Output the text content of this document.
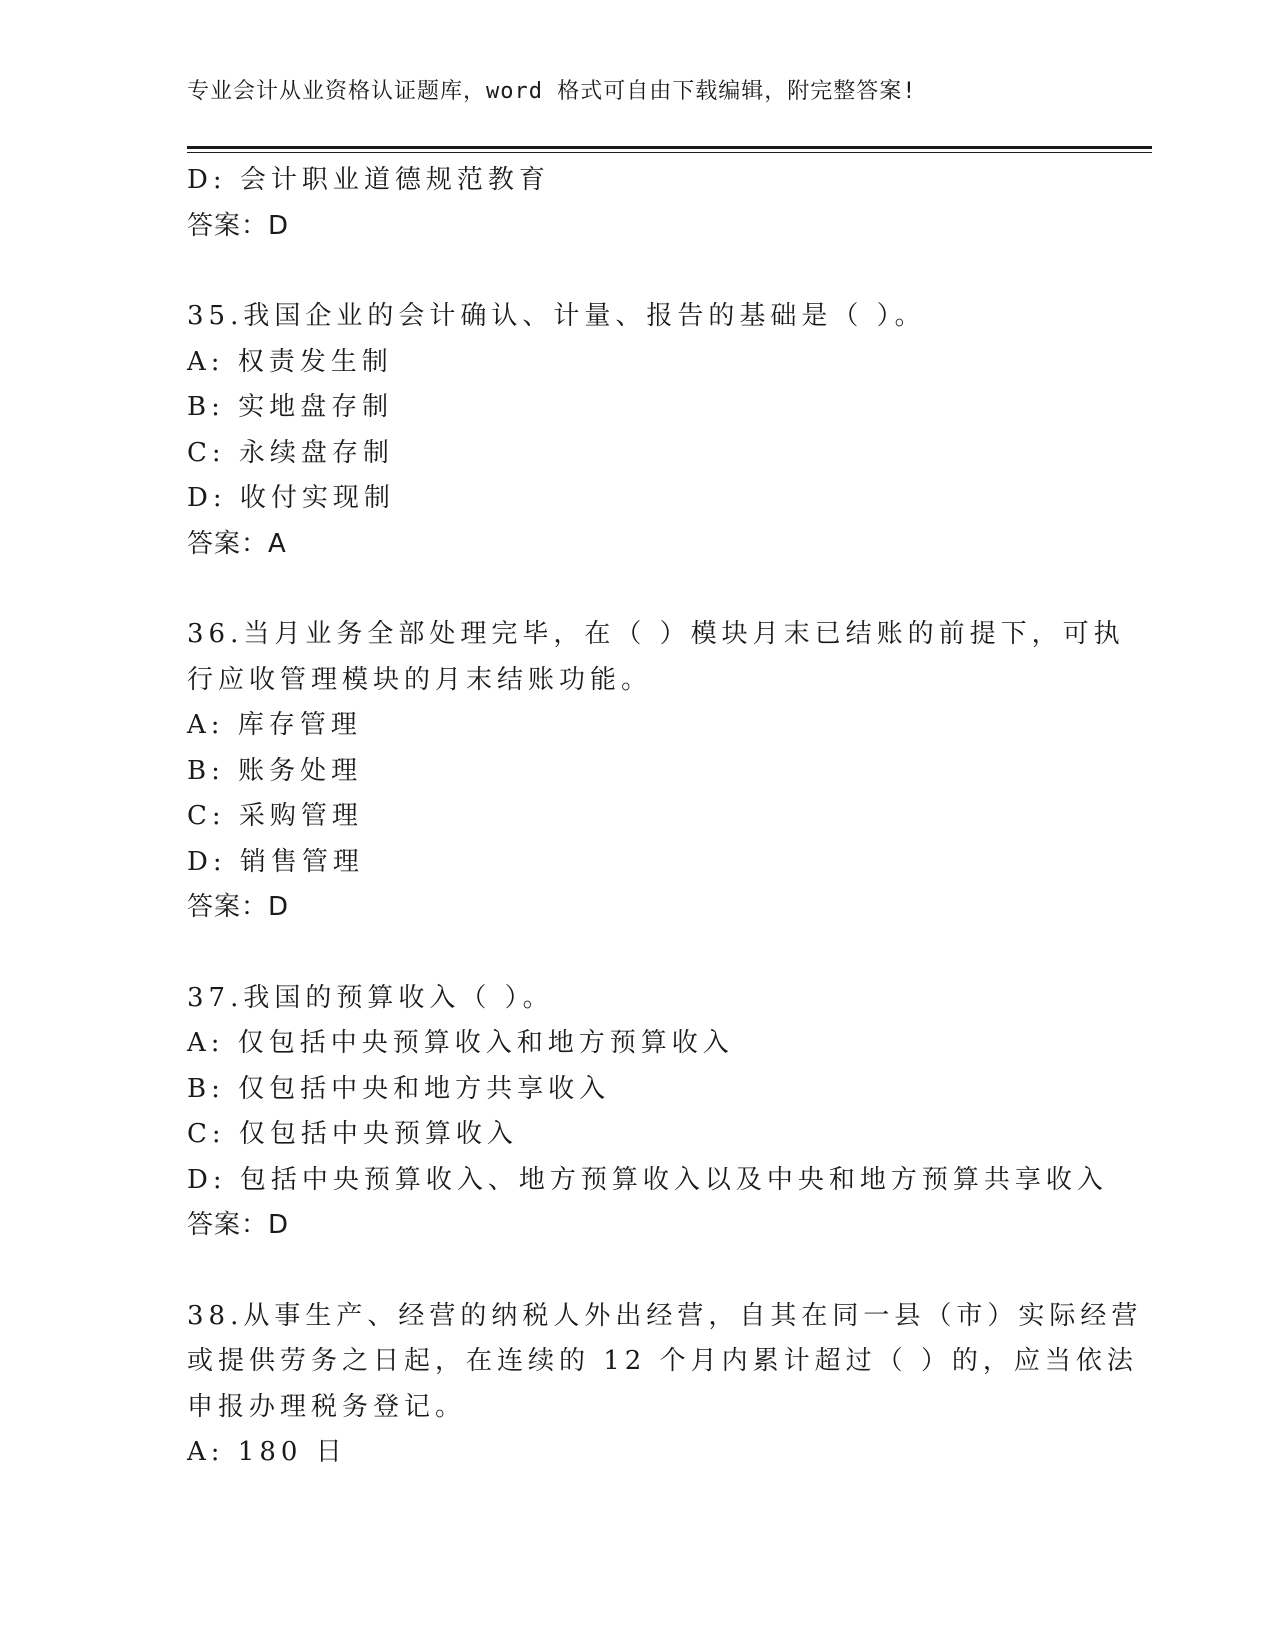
专业会计从业资格认证题库，word 格式可自由下载编辑，附完整答案!
D: 会计职业道德规范教育
答案：D
35.我国企业的会计确认、计量、报告的基础是（ ）。
A: 权责发生制
B: 实地盘存制
C: 永续盘存制
D: 收付实现制
答案：A
36.当月业务全部处理完毕，在（ ）模块月末已结账的前提下，可执
行应收管理模块的月末结账功能。
A: 库存管理
B: 账务处理
C: 采购管理
D: 销售管理
答案：D
37.我国的预算收入（ ）。
A: 仅包括中央预算收入和地方预算收入
B: 仅包括中央和地方共享收入
C: 仅包括中央预算收入
D: 包括中央预算收入、地方预算收入以及中央和地方预算共享收入
答案：D
38.从事生产、经营的纳税人外出经营，自其在同一县（市）实际经营
或提供劳务之日起，在连续的 12 个月内累计超过（ ）的，应当依法
申报办理税务登记。
A: 180 日
